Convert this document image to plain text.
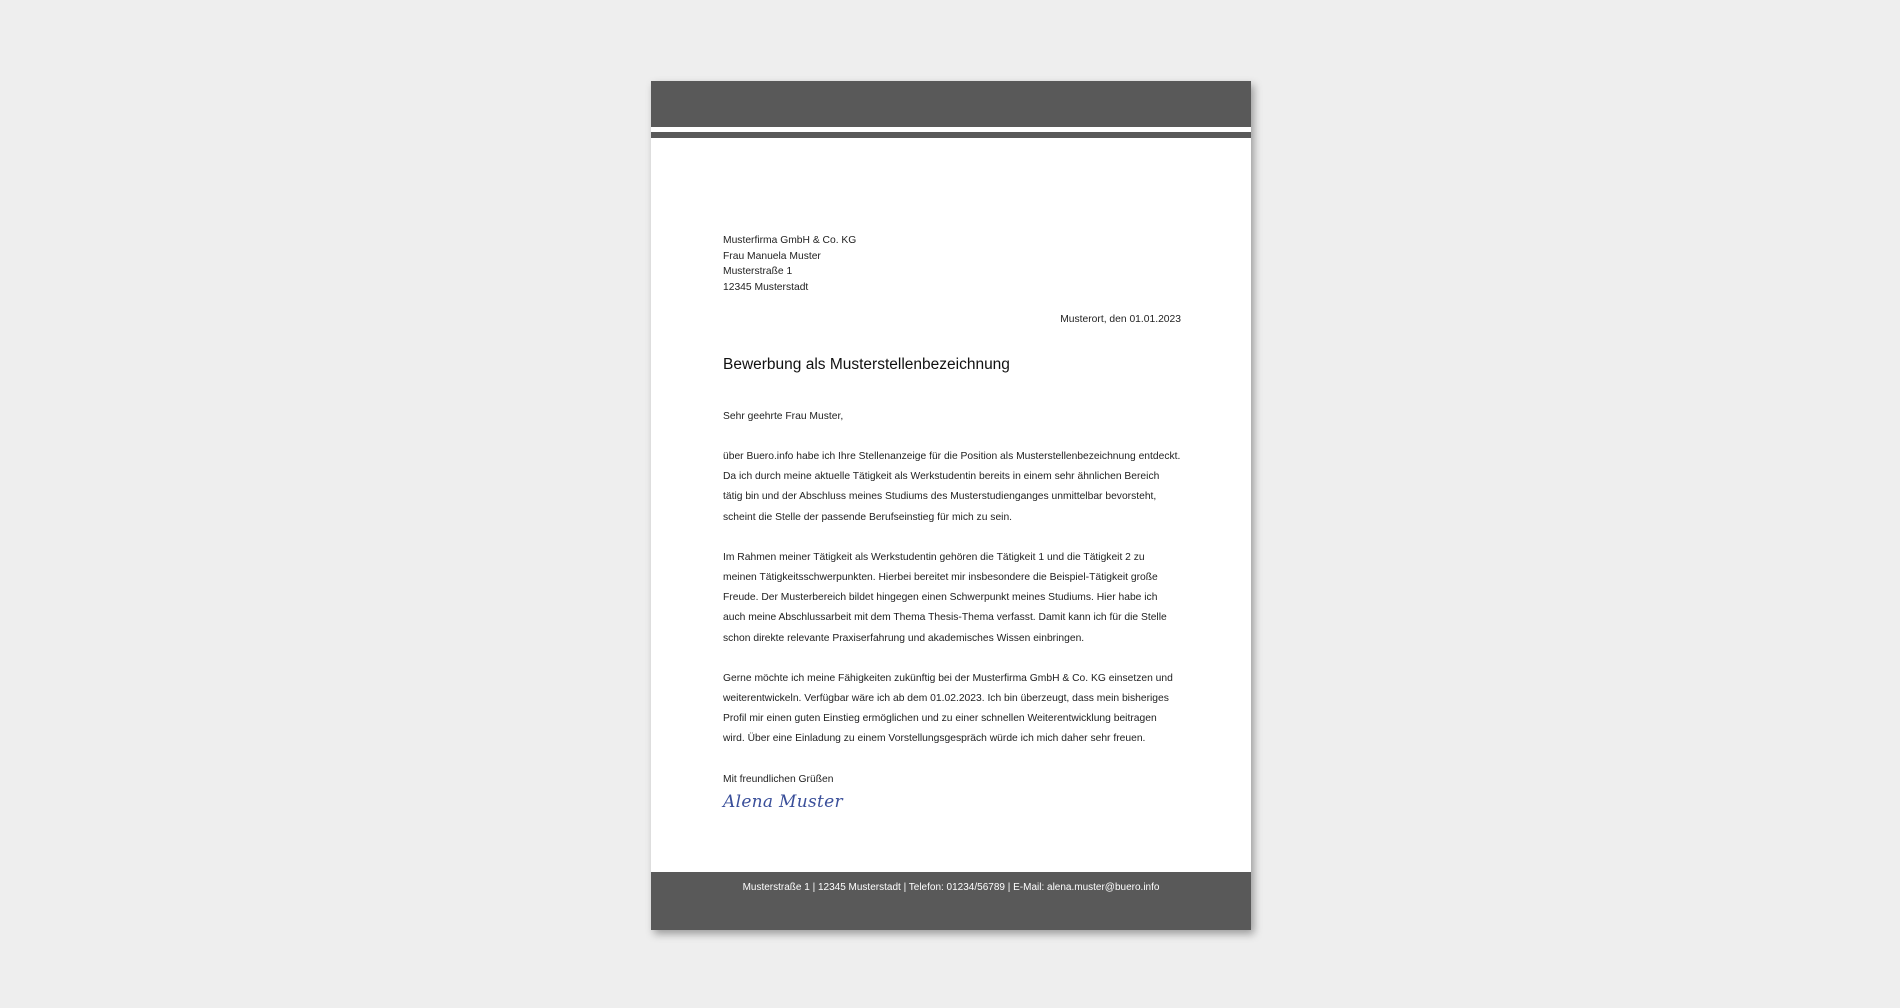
Musterfirma GmbH & Co. KG
Frau Manuela Muster
Musterstraße 1
12345 Musterstadt
Musterort, den 01.01.2023
Bewerbung als Musterstellenbezeichnung
Sehr geehrte Frau Muster,
über Buero.info habe ich Ihre Stellenanzeige für die Position als Musterstellenbezeichnung entdeckt. Da ich durch meine aktuelle Tätigkeit als Werkstudentin bereits in einem sehr ähnlichen Bereich tätig bin und der Abschluss meines Studiums des Musterstudienganges unmittelbar bevorsteht, scheint die Stelle der passende Berufseinstieg für mich zu sein.
Im Rahmen meiner Tätigkeit als Werkstudentin gehören die Tätigkeit 1 und die Tätigkeit 2 zu meinen Tätigkeitsschwerpunkten. Hierbei bereitet mir insbesondere die Beispiel-Tätigkeit große Freude. Der Musterbereich bildet hingegen einen Schwerpunkt meines Studiums. Hier habe ich auch meine Abschlussarbeit mit dem Thema Thesis-Thema verfasst. Damit kann ich für die Stelle schon direkte relevante Praxiserfahrung und akademisches Wissen einbringen.
Gerne möchte ich meine Fähigkeiten zukünftig bei der Musterfirma GmbH & Co. KG einsetzen und weiterentwickeln. Verfügbar wäre ich ab dem 01.02.2023. Ich bin überzeugt, dass mein bisheriges Profil mir einen guten Einstieg ermöglichen und zu einer schnellen Weiterentwicklung beitragen wird. Über eine Einladung zu einem Vorstellungsgespräch würde ich mich daher sehr freuen.
Mit freundlichen Grüßen
Alena Muster
Musterstraße 1 | 12345 Musterstadt | Telefon: 01234/56789 | E-Mail: alena.muster@buero.info
